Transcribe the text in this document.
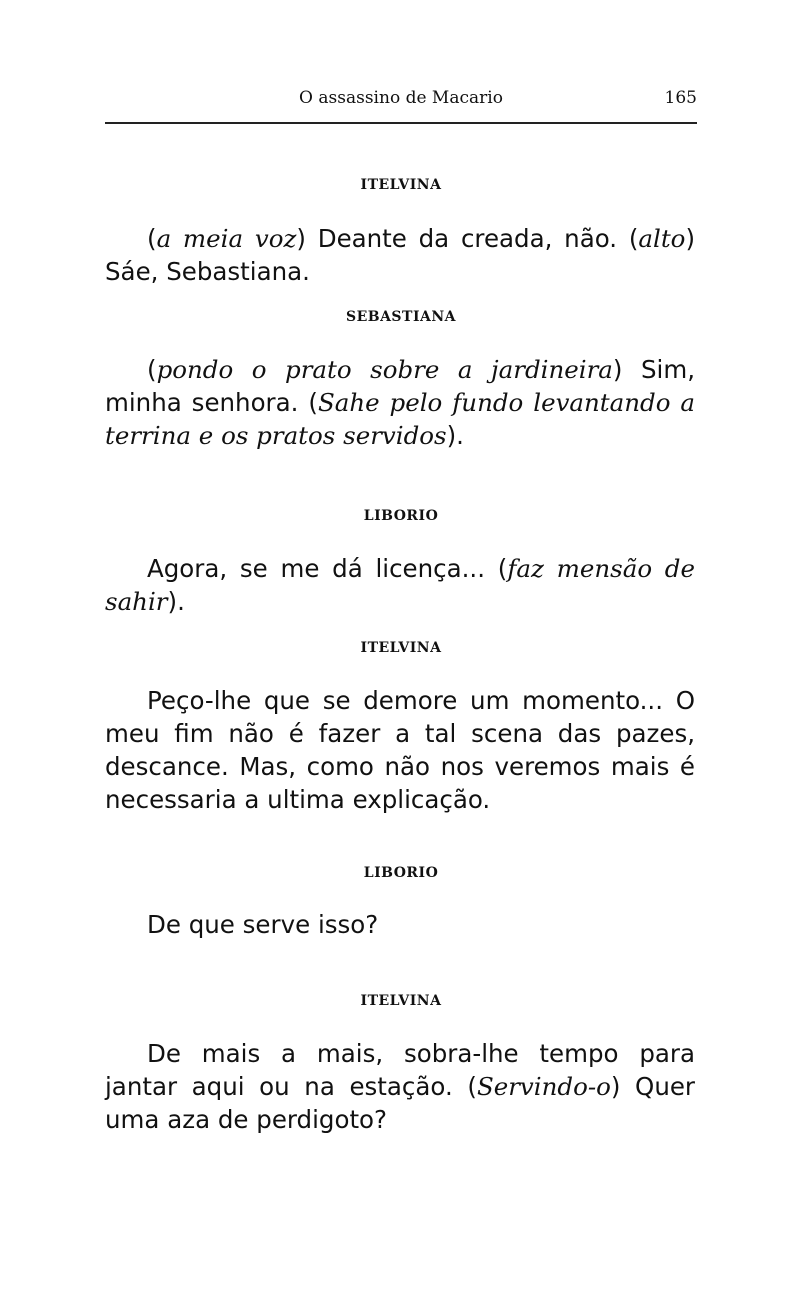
O assassino de Macario	165
ITELVINA

(a meia voz) Deante da creada, não. (alto) Sáe, Sebastiana.

SEBASTIANA

(pondo o prato sobre a jardineira) Sim, minha senhora. (Sahe pelo fundo levantando a terrina e os pratos servidos).

LIBORIO

Agora, se me dá licença... (faz mensão de sahir).

ITELVINA

Peço-lhe que se demore um momento... O meu fim não é fazer a tal scena das pazes, descance. Mas, como não nos veremos mais é necessaria a ultima explicação.

LIBORIO

De que serve isso?

ITELVINA

De mais a mais, sobra-lhe tempo para jantar aqui ou na estação. (Servindo-o) Quer uma aza de perdigoto?
